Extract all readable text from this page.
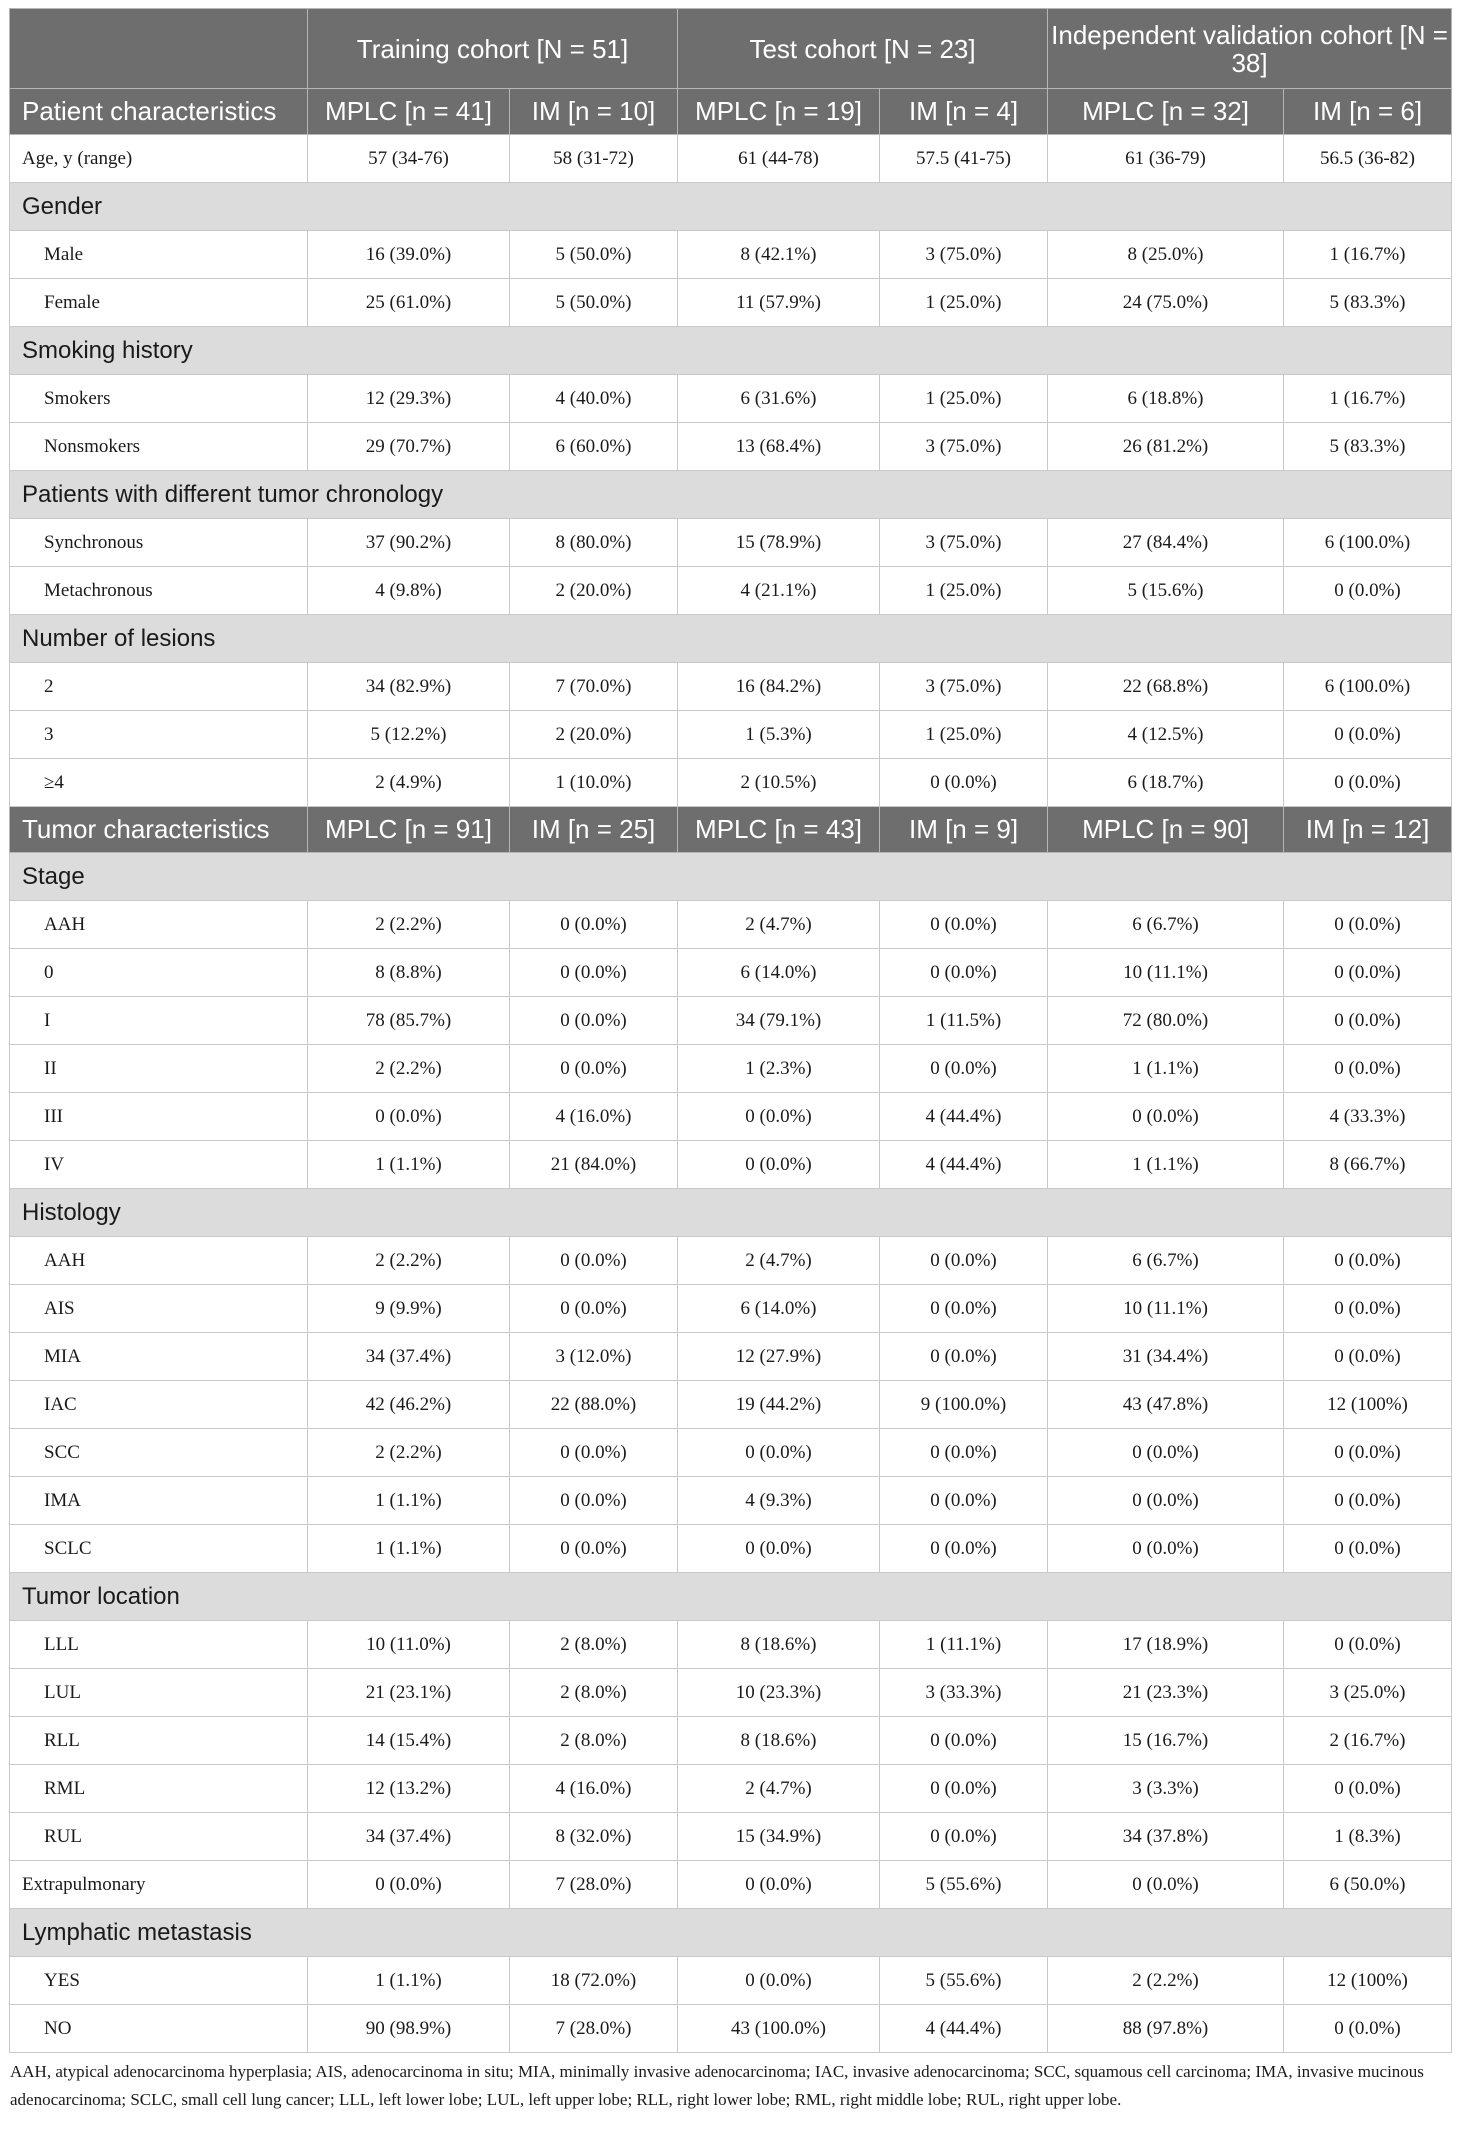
	Training cohort [N = 51]		Test cohort [N = 23]		Independent validation cohort [N = 38]	
Patient characteristics	MPLC [n = 41]	IM [n = 10]	MPLC [n = 19]	IM [n = 4]	MPLC [n = 32]	IM [n = 6]
Age, y (range)	57 (34-76)	58 (31-72)	61 (44-78)	57.5 (41-75)	61 (36-79)	56.5 (36-82)
Gender						
Male	16 (39.0%)	5 (50.0%)	8 (42.1%)	3 (75.0%)	8 (25.0%)	1 (16.7%)
Female	25 (61.0%)	5 (50.0%)	11 (57.9%)	1 (25.0%)	24 (75.0%)	5 (83.3%)
Smoking history						
Smokers	12 (29.3%)	4 (40.0%)	6 (31.6%)	1 (25.0%)	6 (18.8%)	1 (16.7%)
Nonsmokers	29 (70.7%)	6 (60.0%)	13 (68.4%)	3 (75.0%)	26 (81.2%)	5 (83.3%)
Patients with different tumor chronology						
Synchronous	37 (90.2%)	8 (80.0%)	15 (78.9%)	3 (75.0%)	27 (84.4%)	6 (100.0%)
Metachronous	4 (9.8%)	2 (20.0%)	4 (21.1%)	1 (25.0%)	5 (15.6%)	0 (0.0%)
Number of lesions						
2	34 (82.9%)	7 (70.0%)	16 (84.2%)	3 (75.0%)	22 (68.8%)	6 (100.0%)
3	5 (12.2%)	2 (20.0%)	1 (5.3%)	1 (25.0%)	4 (12.5%)	0 (0.0%)
≥4	2 (4.9%)	1 (10.0%)	2 (10.5%)	0 (0.0%)	6 (18.7%)	0 (0.0%)
Tumor characteristics	MPLC [n = 91]	IM [n = 25]	MPLC [n = 43]	IM [n = 9]	MPLC [n = 90]	IM [n = 12]
Stage						
AAH	2 (2.2%)	0 (0.0%)	2 (4.7%)	0 (0.0%)	6 (6.7%)	0 (0.0%)
0	8 (8.8%)	0 (0.0%)	6 (14.0%)	0 (0.0%)	10 (11.1%)	0 (0.0%)
I	78 (85.7%)	0 (0.0%)	34 (79.1%)	1 (11.5%)	72 (80.0%)	0 (0.0%)
II	2 (2.2%)	0 (0.0%)	1 (2.3%)	0 (0.0%)	1 (1.1%)	0 (0.0%)
III	0 (0.0%)	4 (16.0%)	0 (0.0%)	4 (44.4%)	0 (0.0%)	4 (33.3%)
IV	1 (1.1%)	21 (84.0%)	0 (0.0%)	4 (44.4%)	1 (1.1%)	8 (66.7%)
Histology						
AAH	2 (2.2%)	0 (0.0%)	2 (4.7%)	0 (0.0%)	6 (6.7%)	0 (0.0%)
AIS	9 (9.9%)	0 (0.0%)	6 (14.0%)	0 (0.0%)	10 (11.1%)	0 (0.0%)
MIA	34 (37.4%)	3 (12.0%)	12 (27.9%)	0 (0.0%)	31 (34.4%)	0 (0.0%)
IAC	42 (46.2%)	22 (88.0%)	19 (44.2%)	9 (100.0%)	43 (47.8%)	12 (100%)
SCC	2 (2.2%)	0 (0.0%)	0 (0.0%)	0 (0.0%)	0 (0.0%)	0 (0.0%)
IMA	1 (1.1%)	0 (0.0%)	4 (9.3%)	0 (0.0%)	0 (0.0%)	0 (0.0%)
SCLC	1 (1.1%)	0 (0.0%)	0 (0.0%)	0 (0.0%)	0 (0.0%)	0 (0.0%)
Tumor location						
LLL	10 (11.0%)	2 (8.0%)	8 (18.6%)	1 (11.1%)	17 (18.9%)	0 (0.0%)
LUL	21 (23.1%)	2 (8.0%)	10 (23.3%)	3 (33.3%)	21 (23.3%)	3 (25.0%)
RLL	14 (15.4%)	2 (8.0%)	8 (18.6%)	0 (0.0%)	15 (16.7%)	2 (16.7%)
RML	12 (13.2%)	4 (16.0%)	2 (4.7%)	0 (0.0%)	3 (3.3%)	0 (0.0%)
RUL	34 (37.4%)	8 (32.0%)	15 (34.9%)	0 (0.0%)	34 (37.8%)	1 (8.3%)
Extrapulmonary	0 (0.0%)	7 (28.0%)	0 (0.0%)	5 (55.6%)	0 (0.0%)	6 (50.0%)
Lymphatic metastasis						
YES	1 (1.1%)	18 (72.0%)	0 (0.0%)	5 (55.6%)	2 (2.2%)	12 (100%)
NO	90 (98.9%)	7 (28.0%)	43 (100.0%)	4 (44.4%)	88 (97.8%)	0 (0.0%)
AAH, atypical adenocarcinoma hyperplasia; AIS, adenocarcinoma in situ; MIA, minimally invasive adenocarcinoma; IAC, invasive adenocarcinoma; SCC, squamous cell carcinoma; IMA, invasive mucinous adenocarcinoma; SCLC, small cell lung cancer; LLL, left lower lobe; LUL, left upper lobe; RLL, right lower lobe; RML, right middle lobe; RUL, right upper lobe.
